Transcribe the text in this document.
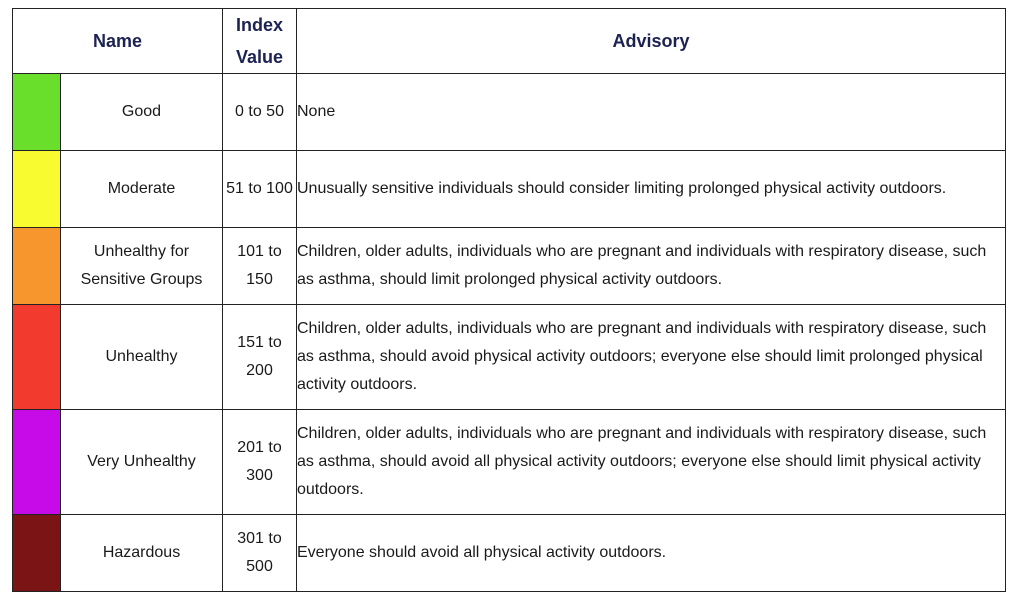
Name		Index Value	Advisory
	Good	0 to 50	None
	Moderate	51 to 100	Unusually sensitive individuals should consider limiting prolonged physical activity outdoors.
	Unhealthy for Sensitive Groups	101 to 150	Children, older adults, individuals who are pregnant and individuals with respiratory disease, such as asthma, should limit prolonged physical activity outdoors.
	Unhealthy	151 to 200	Children, older adults, individuals who are pregnant and individuals with respiratory disease, such as asthma, should avoid physical activity outdoors; everyone else should limit prolonged physical activity outdoors.
	Very Unhealthy	201 to 300	Children, older adults, individuals who are pregnant and individuals with respiratory disease, such as asthma, should avoid all physical activity outdoors; everyone else should limit physical activity outdoors.
	Hazardous	301 to 500	Everyone should avoid all physical activity outdoors.
